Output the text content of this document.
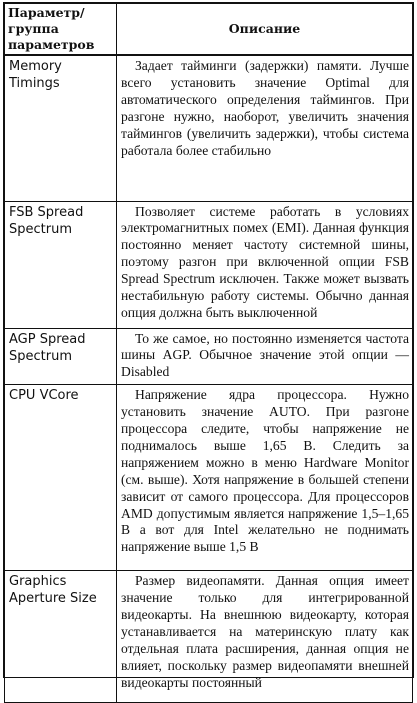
Параметр/ группа параметров	Описание
Memory Timings	Задает тайминги (задержки) памяти. Лучше всего установить значение Optimal для автоматического определения таймингов. При разгоне нужно, наоборот, увеличить значения таймингов (увеличить задержки), чтобы система работала более стабильно
FSB Spread Spectrum	Позволяет системе работать в условиях электромагнитных помех (EMI). Данная функция постоянно меняет частоту системной шины, поэтому разгон при включенной опции FSB Spread Spectrum исключен. Также может вызвать нестабильную работу системы. Обычно данная опция должна быть выключенной
AGP Spread Spectrum	То же самое, но постоянно изменяется частота шины AGP. Обычное значение этой опции — Disabled
CPU VCore	Напряжение ядра процессора. Нужно установить значение AUTO. При разгоне процессора следите, чтобы напряжение не поднималось выше 1,65 В. Следить за напряжением можно в меню Hardware Monitor (см. выше). Хотя напряжение в большей степени зависит от самого процессора. Для процессоров AMD допустимым является напряжение 1,5–1,65 В а вот для Intel желательно не поднимать напряжение выше 1,5 В
Graphics Aperture Size	Размер видеопамяти. Данная опция имеет значение только для интегрированной видеокарты. На внешнюю видеокарту, которая устанавливается на материнскую плату как отдельная плата расширения, данная опция не влияет, поскольку размер видеопамяти внешней видеокарты постоянный
